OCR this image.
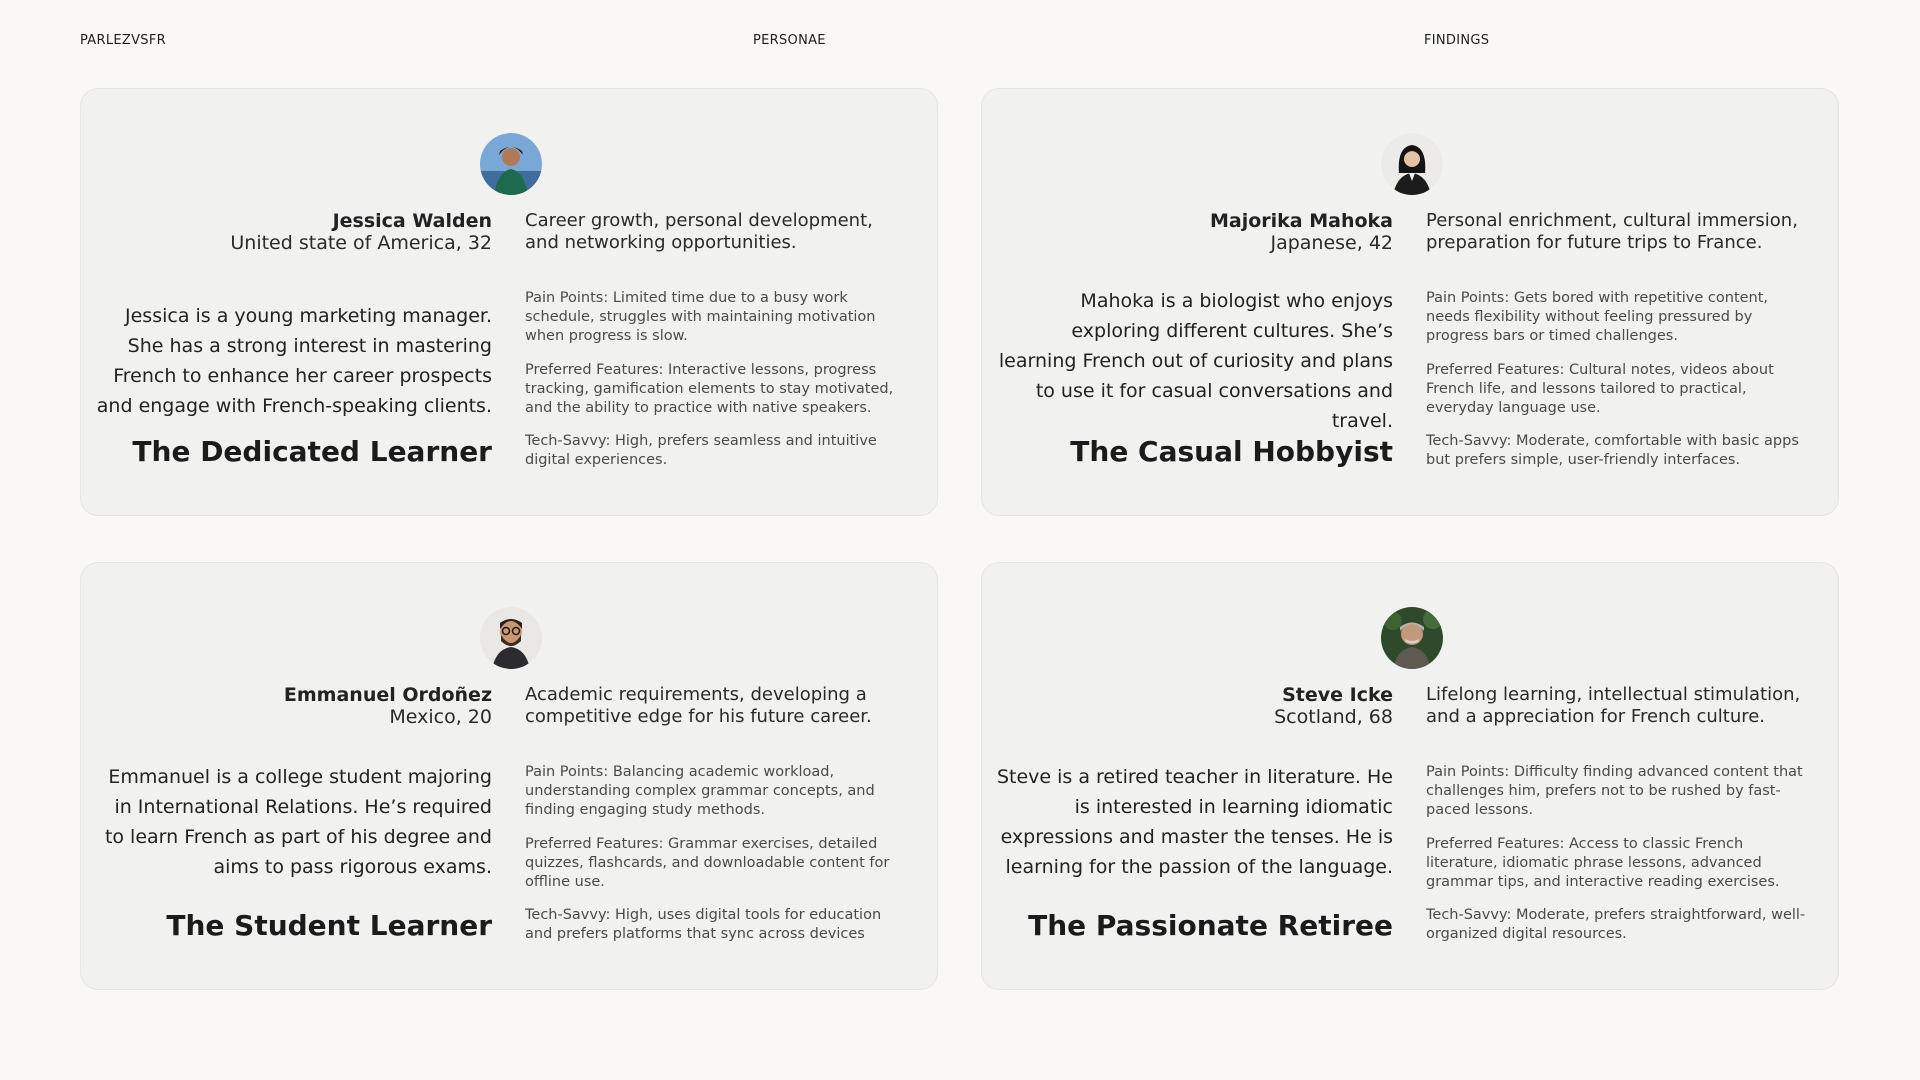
PARLEZVSFR	PERSONAE	FINDINGS
Jessica Walden
United state of America, 32

Jessica is a young marketing manager. She has a strong interest in mastering French to enhance her career prospects and engage with French-speaking clients.

The Dedicated Learner
Career growth, personal development, and networking opportunities.
Pain Points: Limited time due to a busy work schedule, struggles with maintaining motivation when progress is slow.
Preferred Features: Interactive lessons, progress tracking, gamification elements to stay motivated, and the ability to practice with native speakers.
Tech-Savvy: High, prefers seamless and intuitive digital experiences.
Majorika Mahoka
Japanese, 42

Mahoka is a biologist who enjoys exploring different cultures. She’s learning French out of curiosity and plans to use it for casual conversations and travel.

The Casual Hobbyist
Personal enrichment, cultural immersion, preparation for future trips to France.
Pain Points: Gets bored with repetitive content, needs flexibility without feeling pressured by progress bars or timed challenges.
Preferred Features: Cultural notes, videos about French life, and lessons tailored to practical, everyday language use.
Tech-Savvy: Moderate, comfortable with basic apps but prefers simple, user-friendly interfaces.
Emmanuel Ordoñez
Mexico, 20

Emmanuel is a college student majoring in International Relations. He’s required to learn French as part of his degree and aims to pass rigorous exams.

The Student Learner
Academic requirements, developing a competitive edge for his future career.
Pain Points: Balancing academic workload, understanding complex grammar concepts, and finding engaging study methods.
Preferred Features: Grammar exercises, detailed quizzes, flashcards, and downloadable content for offline use.
Tech-Savvy: High, uses digital tools for education and prefers platforms that sync across devices
Steve Icke
Scotland, 68

Steve is a retired teacher in literature. He is interested in learning idiomatic expressions and master the tenses. He is learning for the passion of the language.

The Passionate Retiree
Lifelong learning, intellectual stimulation, and a appreciation for French culture.
Pain Points: Difficulty finding advanced content that challenges him, prefers not to be rushed by fast-paced lessons.
Preferred Features: Access to classic French literature, idiomatic phrase lessons, advanced grammar tips, and interactive reading exercises.
Tech-Savvy: Moderate, prefers straightforward, well-organized digital resources.
